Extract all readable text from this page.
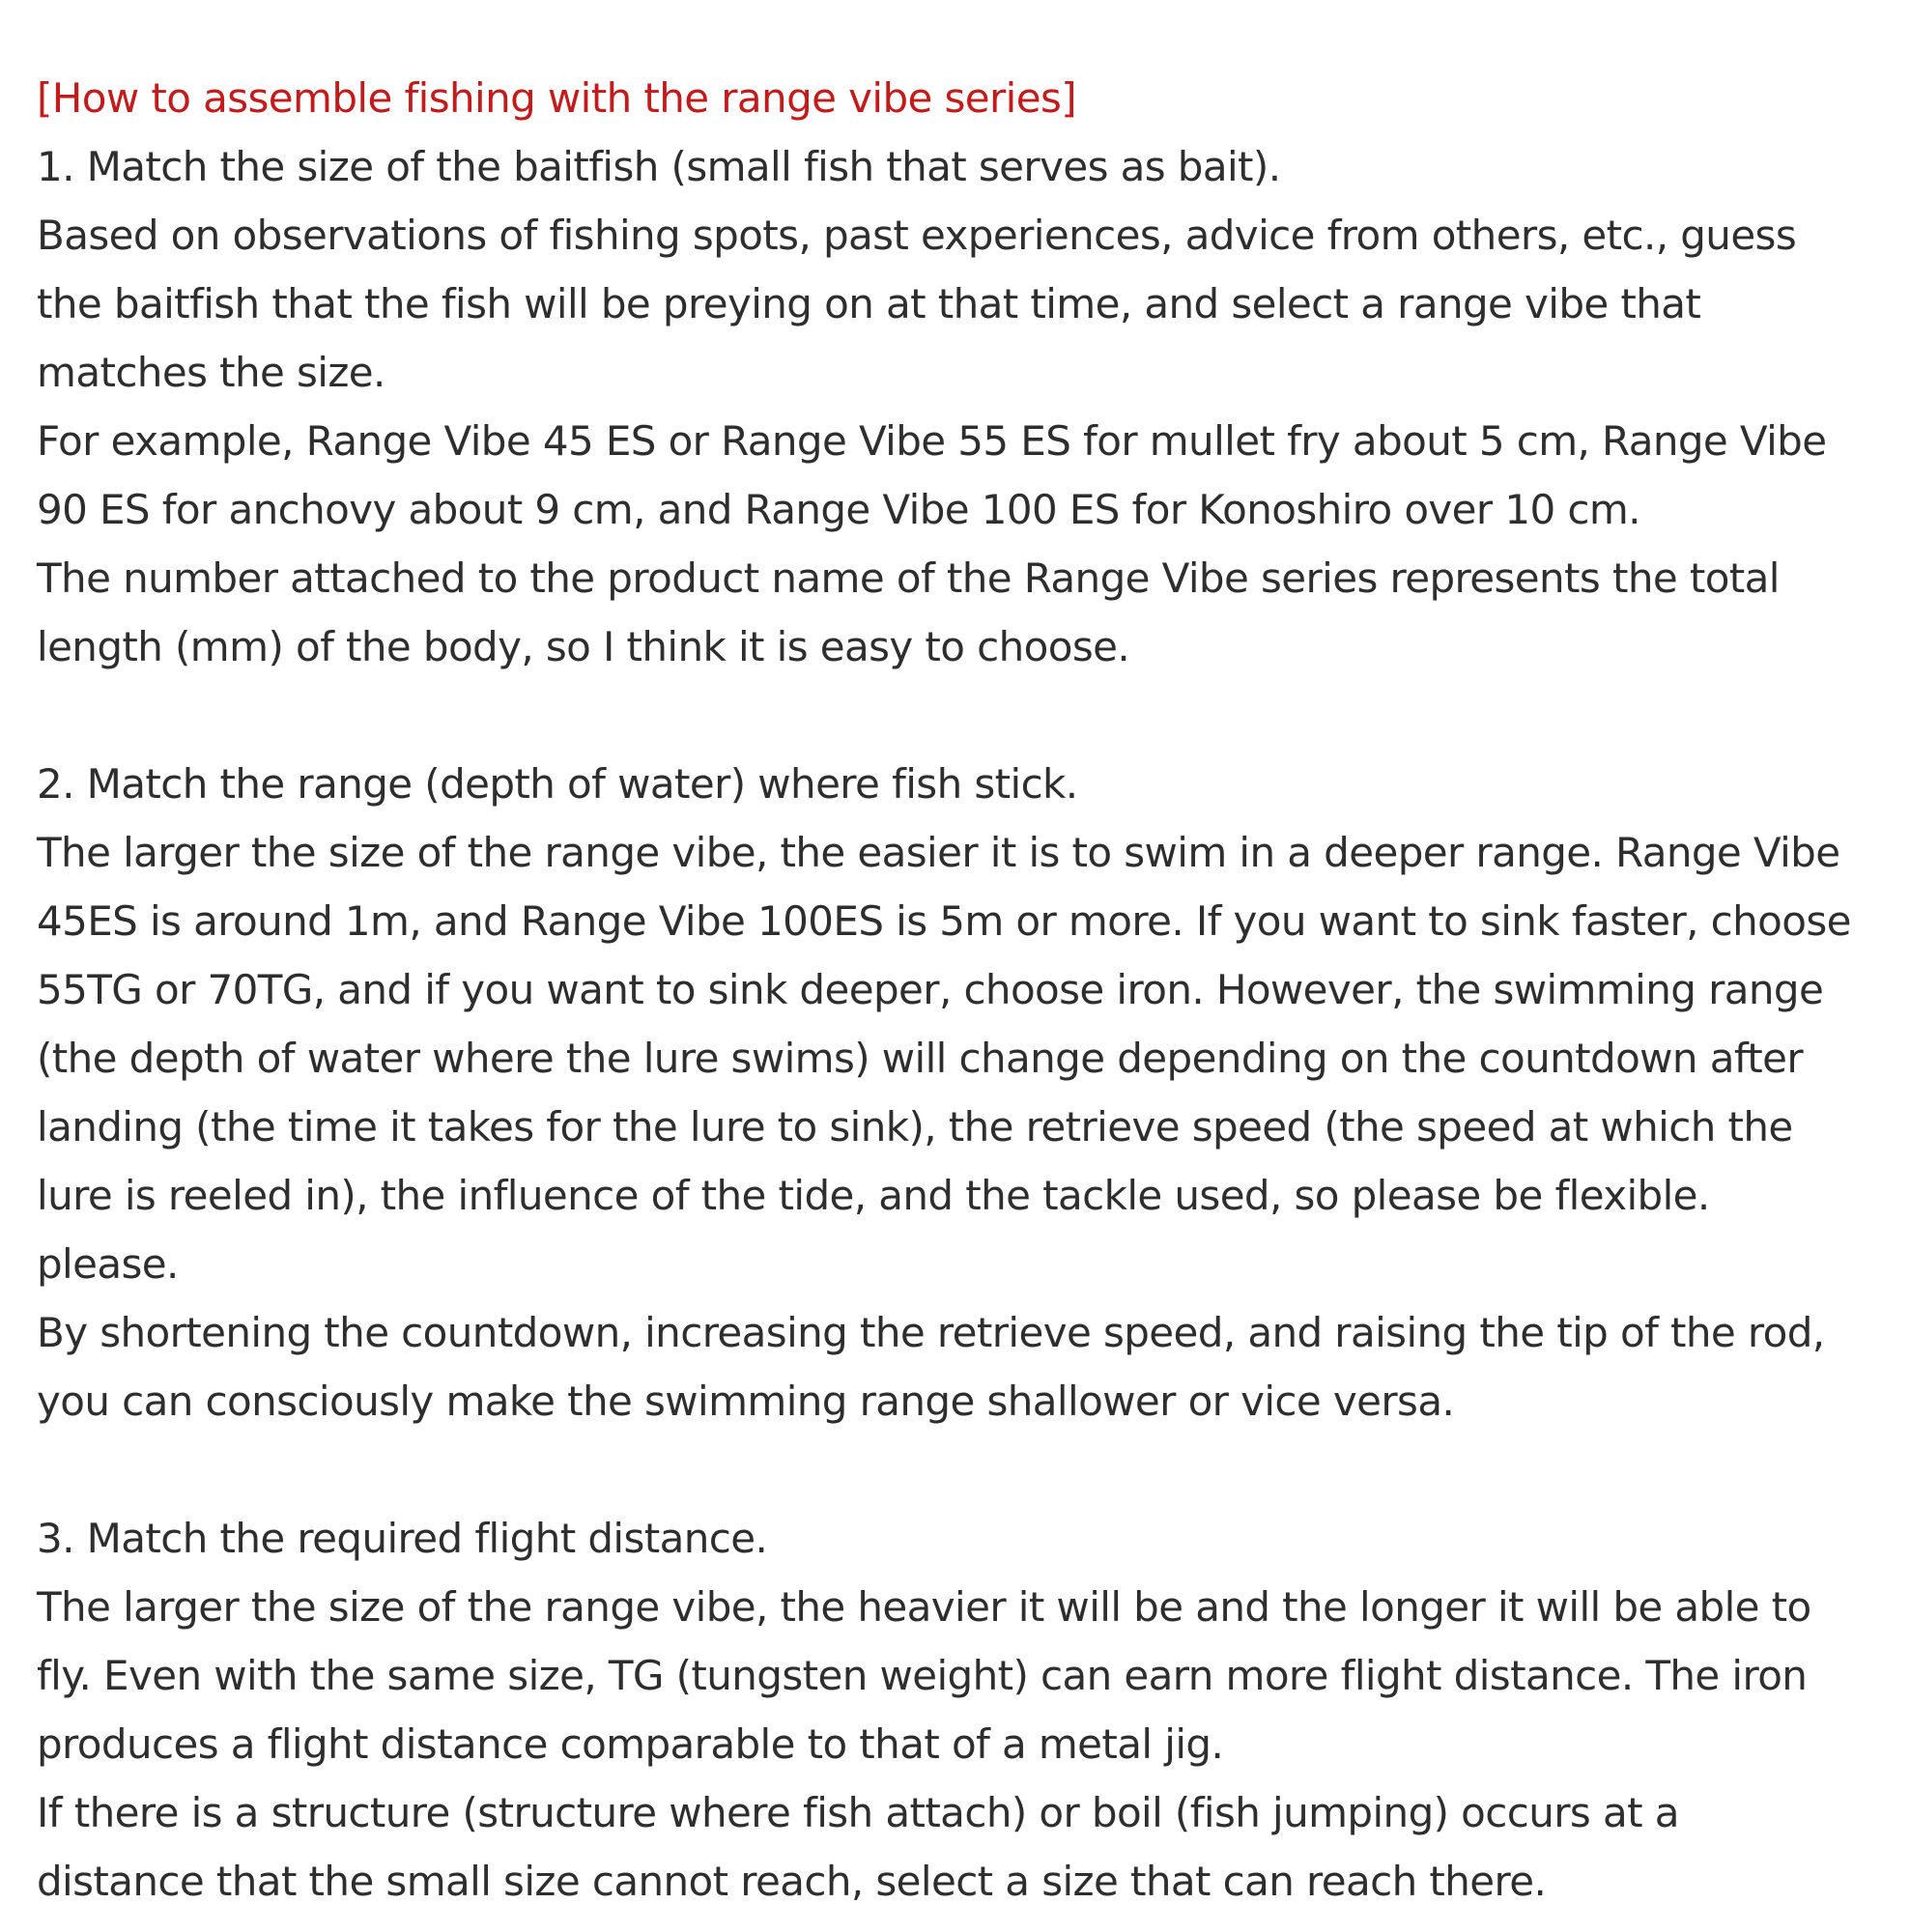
[How to assemble fishing with the range vibe series]
1. Match the size of the baitfish (small fish that serves as bait).
Based on observations of fishing spots, past experiences, advice from others, etc., guess
the baitfish that the fish will be preying on at that time, and select a range vibe that
matches the size.
For example, Range Vibe 45 ES or Range Vibe 55 ES for mullet fry about 5 cm, Range Vibe
90 ES for anchovy about 9 cm, and Range Vibe 100 ES for Konoshiro over 10 cm.
The number attached to the product name of the Range Vibe series represents the total
length (mm) of the body, so I think it is easy to choose.
2. Match the range (depth of water) where fish stick.
The larger the size of the range vibe, the easier it is to swim in a deeper range. Range Vibe
45ES is around 1m, and Range Vibe 100ES is 5m or more. If you want to sink faster, choose
55TG or 70TG, and if you want to sink deeper, choose iron. However, the swimming range
(the depth of water where the lure swims) will change depending on the countdown after
landing (the time it takes for the lure to sink), the retrieve speed (the speed at which the
lure is reeled in), the influence of the tide, and the tackle used, so please be flexible.
please.
By shortening the countdown, increasing the retrieve speed, and raising the tip of the rod,
you can consciously make the swimming range shallower or vice versa.
3. Match the required flight distance.
The larger the size of the range vibe, the heavier it will be and the longer it will be able to
fly. Even with the same size, TG (tungsten weight) can earn more flight distance. The iron
produces a flight distance comparable to that of a metal jig.
If there is a structure (structure where fish attach) or boil (fish jumping) occurs at a
distance that the small size cannot reach, select a size that can reach there.
